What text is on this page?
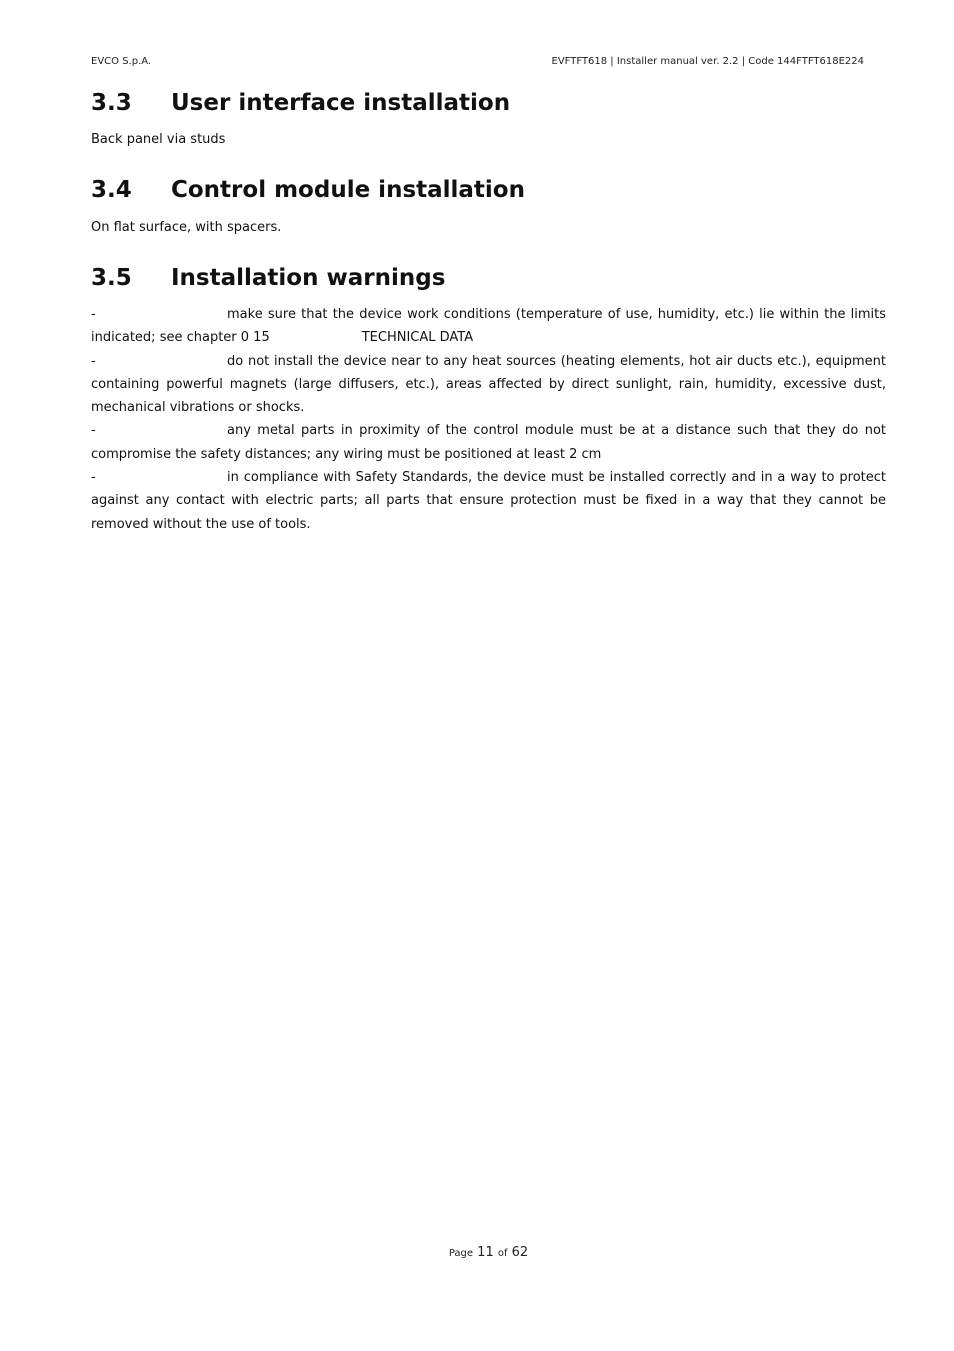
EVCO S.p.A.	EVFTFT618 | Installer manual ver. 2.2 | Code 144FTFT618E224
3.3 User interface installation

Back panel via studs

3.4 Control module installation

On flat surface, with spacers.

3.5 Installation warnings

-	make sure that the device work conditions (temperature of use, humidity, etc.) lie within the limits indicated; see chapter 0 15	TECHNICAL DATA

-	do not install the device near to any heat sources (heating elements, hot air ducts etc.), equipment containing powerful magnets (large diffusers, etc.), areas affected by direct sunlight, rain, humidity, excessive dust, mechanical vibrations or shocks.

-	any metal parts in proximity of the control module must be at a distance such that they do not compromise the safety distances; any wiring must be positioned at least 2 cm

-	in compliance with Safety Standards, the device must be installed correctly and in a way to protect against any contact with electric parts; all parts that ensure protection must be fixed in a way that they cannot be removed without the use of tools.

Page 11 of 62
